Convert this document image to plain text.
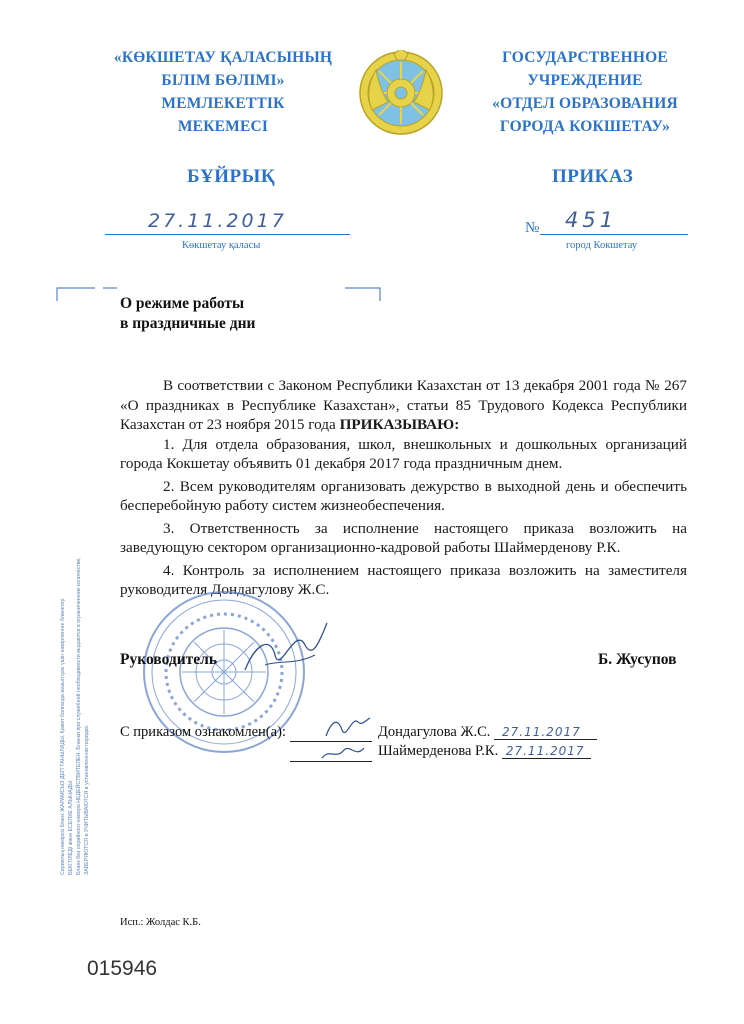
«КӨКШЕТАУ ҚАЛАСЫНЫҢ
БІЛІМ БӨЛІМІ»
МЕМЛЕКЕТТІК
МЕКЕМЕСІ
ГОСУДАРСТВЕННОЕ
УЧРЕЖДЕНИЕ
«ОТДЕЛ ОБРАЗОВАНИЯ
ГОРОДА КОКШЕТАУ»
БҰЙРЫҚ	ПРИКАЗ
27.11.2017
Көкшетау қаласы
№ 451
город Кокшетау
О режиме работы
в праздничные дни

В соответствии с Законом Республики Казахстан от 13 декабря 2001 года № 267 «О праздниках в Республике Казахстан», статьи 85 Трудового Кодекса Республики Казахстан от 23 ноября 2015 года ПРИКАЗЫВАЮ:

1. Для отдела образования, школ, внешкольных и дошкольных организаций города Кокшетау объявить 01 декабря 2017 года праздничным днем.

2. Всем руководителям организовать дежурство в выходной день и обеспечить бесперебойную работу систем жизнеобеспечения.

3. Ответственность за исполнение настоящего приказа возложить на заведующую сектором организационно-кадровой работы Шаймерденову Р.К.

4. Контроль за исполнением настоящего приказа возложить на заместителя руководителя Дондагулову Ж.С.

Руководитель	Б. Жусупов
С приказом ознакомлен(а):	Дондагулова Ж.С. 27.11.2017
Шаймерденова Р.К. 27.11.2017
Сериялық нөмірсіз бланк ЖАРАМСЫЗ ДЕП ТАНЫЛАДЫ. Қажет болғанда жазып қою үшін нөмірленген бланктер БЕКІТІЛЕДІ және ЕСЕПКЕ АЛЫНАДЫ Бланк без серийного номера НЕДЕЙСТВИТЕЛЕН. Бланки при служебной необходимости выдаются в ограниченном количестве, ЗАВЕРЯЮТСЯ и УЧИТЫВАЮТСЯ в установленном порядке.
Исп.: Жолдас К.Б.
015946
